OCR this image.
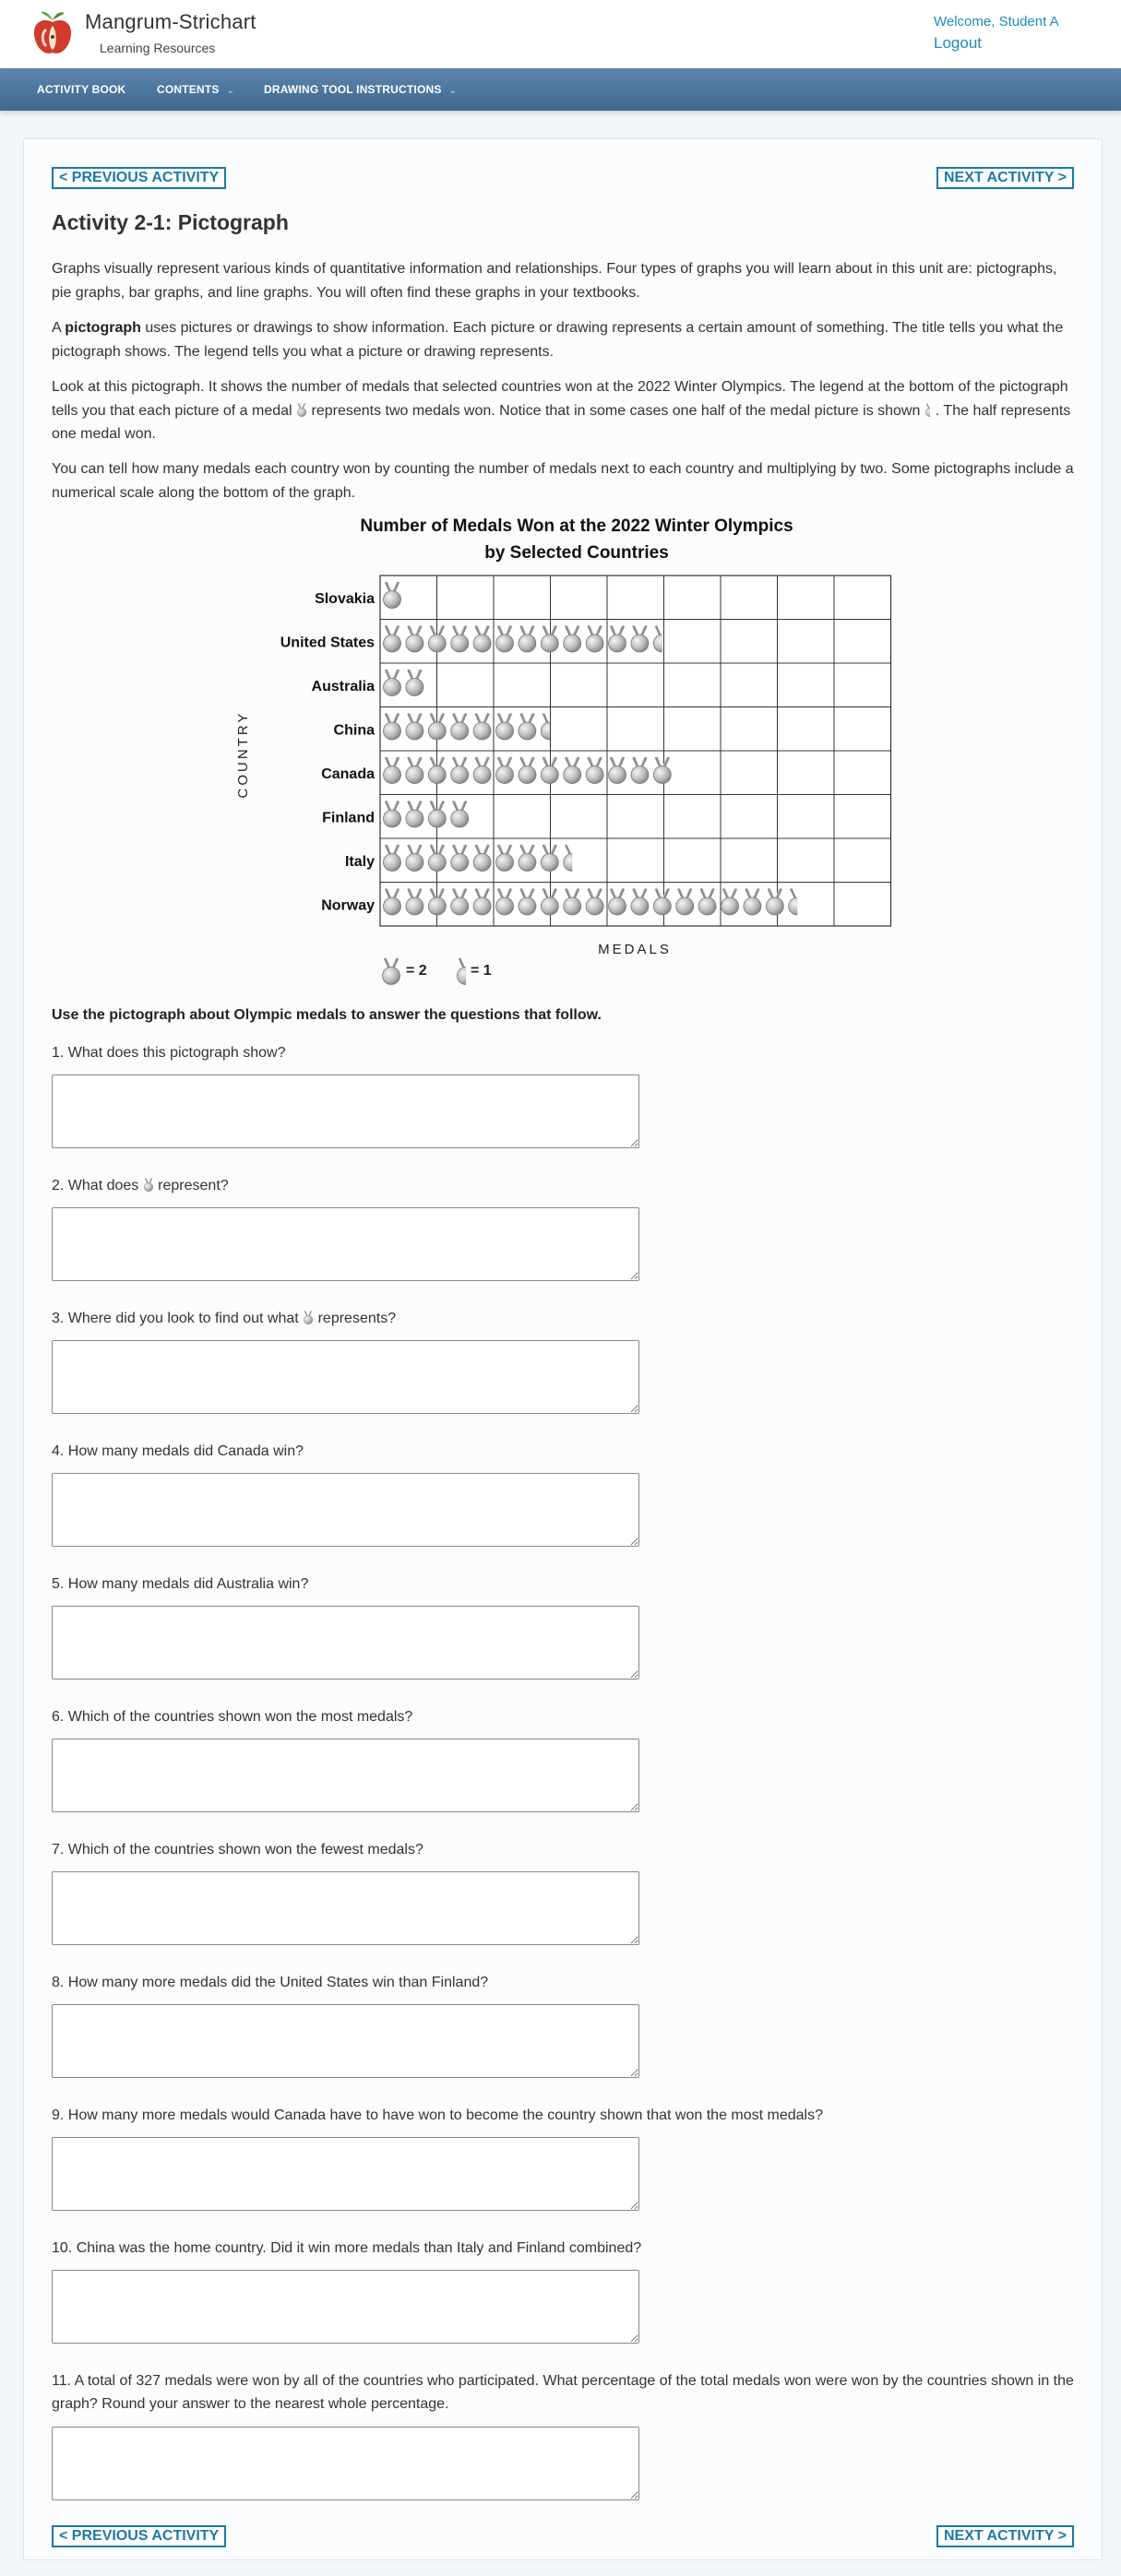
Mangrum-Strichart
Learning Resources
Welcome, Student A
Logout
ACTIVITY BOOK	CONTENTS ⌄	DRAWING TOOL INSTRUCTIONS ⌄
< PREVIOUS ACTIVITY	NEXT ACTIVITY >
Activity 2-1: Pictograph

Graphs visually represent various kinds of quantitative information and relationships. Four types of graphs you will learn about in this unit are: pictographs, pie graphs, bar graphs, and line graphs. You will often find these graphs in your textbooks.

A pictograph uses pictures or drawings to show information. Each picture or drawing represents a certain amount of something. The title tells you what the pictograph shows. The legend tells you what a picture or drawing represents.

Look at this pictograph. It shows the number of medals that selected countries won at the 2022 Winter Olympics. The legend at the bottom of the pictograph tells you that each picture of a medal  represents two medals won. Notice that in some cases one half of the medal picture is shown . The half represents one medal won.

You can tell how many medals each country won by counting the number of medals next to each country and multiplying by two. Some pictographs include a numerical scale along the bottom of the graph.

Number of Medals Won at the 2022 Winter Olympics
by Selected Countries
Slovakia
United States
Australia
China
Canada
Finland
Italy
Norway
COUNTRY
MEDALS
= 2	= 1
Use the pictograph about Olympic medals to answer the questions that follow.
1. What does this pictograph show?
2. What does  represent?
3. Where did you look to find out what  represents?
4. How many medals did Canada win?
5. How many medals did Australia win?
6. Which of the countries shown won the most medals?
7. Which of the countries shown won the fewest medals?
8. How many more medals did the United States win than Finland?
9. How many more medals would Canada have to have won to become the country shown that won the most medals?
10. China was the home country. Did it win more medals than Italy and Finland combined?
11. A total of 327 medals were won by all of the countries who participated. What percentage of the total medals won were won by the countries shown in the graph? Round your answer to the nearest whole percentage.
< PREVIOUS ACTIVITY	NEXT ACTIVITY >
